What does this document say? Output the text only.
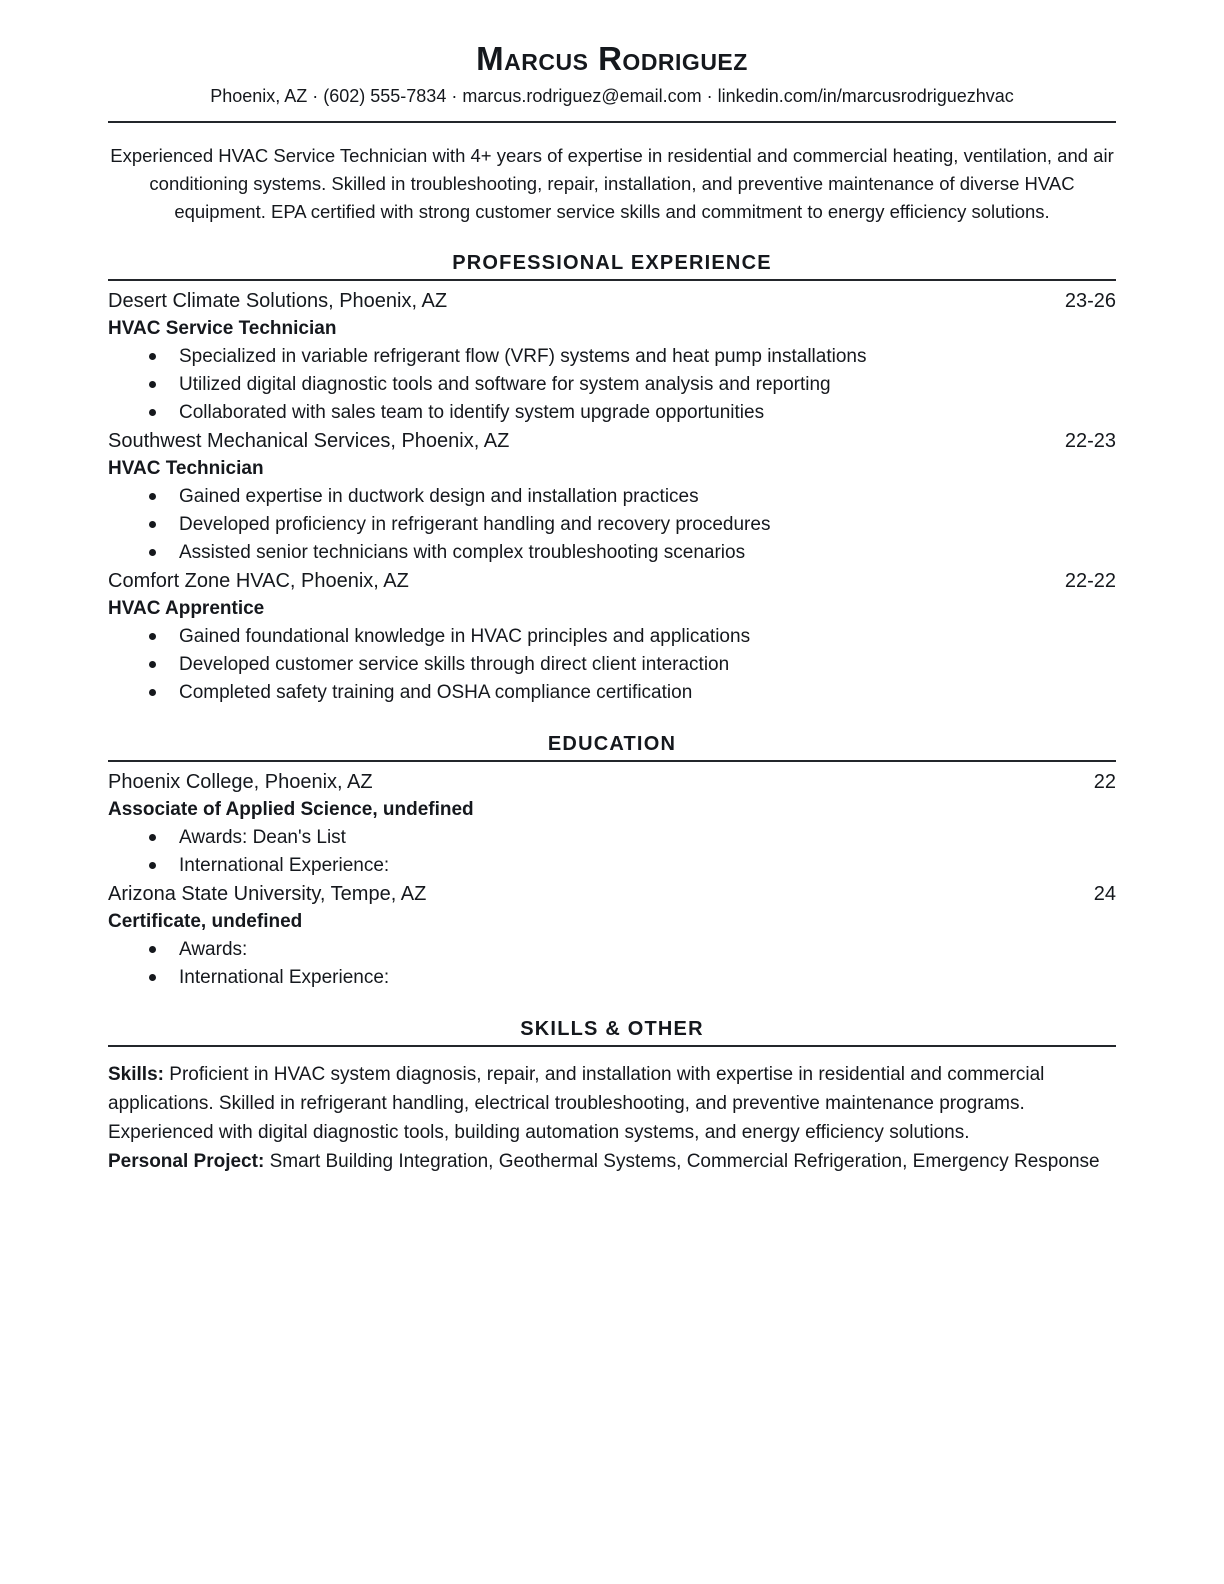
Marcus Rodriguez
Phoenix, AZ · (602) 555-7834 · marcus.rodriguez@email.com · linkedin.com/in/marcusrodriguezhvac

Experienced HVAC Service Technician with 4+ years of expertise in residential and commercial heating, ventilation, and air conditioning systems. Skilled in troubleshooting, repair, installation, and preventive maintenance of diverse HVAC equipment. EPA certified with strong customer service skills and commitment to energy efficiency solutions.

PROFESSIONAL EXPERIENCE
Desert Climate Solutions, Phoenix, AZ	23-26
HVAC Service Technician
Specialized in variable refrigerant flow (VRF) systems and heat pump installations
Utilized digital diagnostic tools and software for system analysis and reporting
Collaborated with sales team to identify system upgrade opportunities
Southwest Mechanical Services, Phoenix, AZ	22-23
HVAC Technician
Gained expertise in ductwork design and installation practices
Developed proficiency in refrigerant handling and recovery procedures
Assisted senior technicians with complex troubleshooting scenarios
Comfort Zone HVAC, Phoenix, AZ	22-22
HVAC Apprentice
Gained foundational knowledge in HVAC principles and applications
Developed customer service skills through direct client interaction
Completed safety training and OSHA compliance certification
EDUCATION
Phoenix College, Phoenix, AZ	22
Associate of Applied Science, undefined
Awards: Dean's List
International Experience:
Arizona State University, Tempe, AZ	24
Certificate, undefined
Awards:
International Experience:
SKILLS & OTHER

Skills: Proficient in HVAC system diagnosis, repair, and installation with expertise in residential and commercial applications. Skilled in refrigerant handling, electrical troubleshooting, and preventive maintenance programs. Experienced with digital diagnostic tools, building automation systems, and energy efficiency solutions.

Personal Project: Smart Building Integration, Geothermal Systems, Commercial Refrigeration, Emergency Response
